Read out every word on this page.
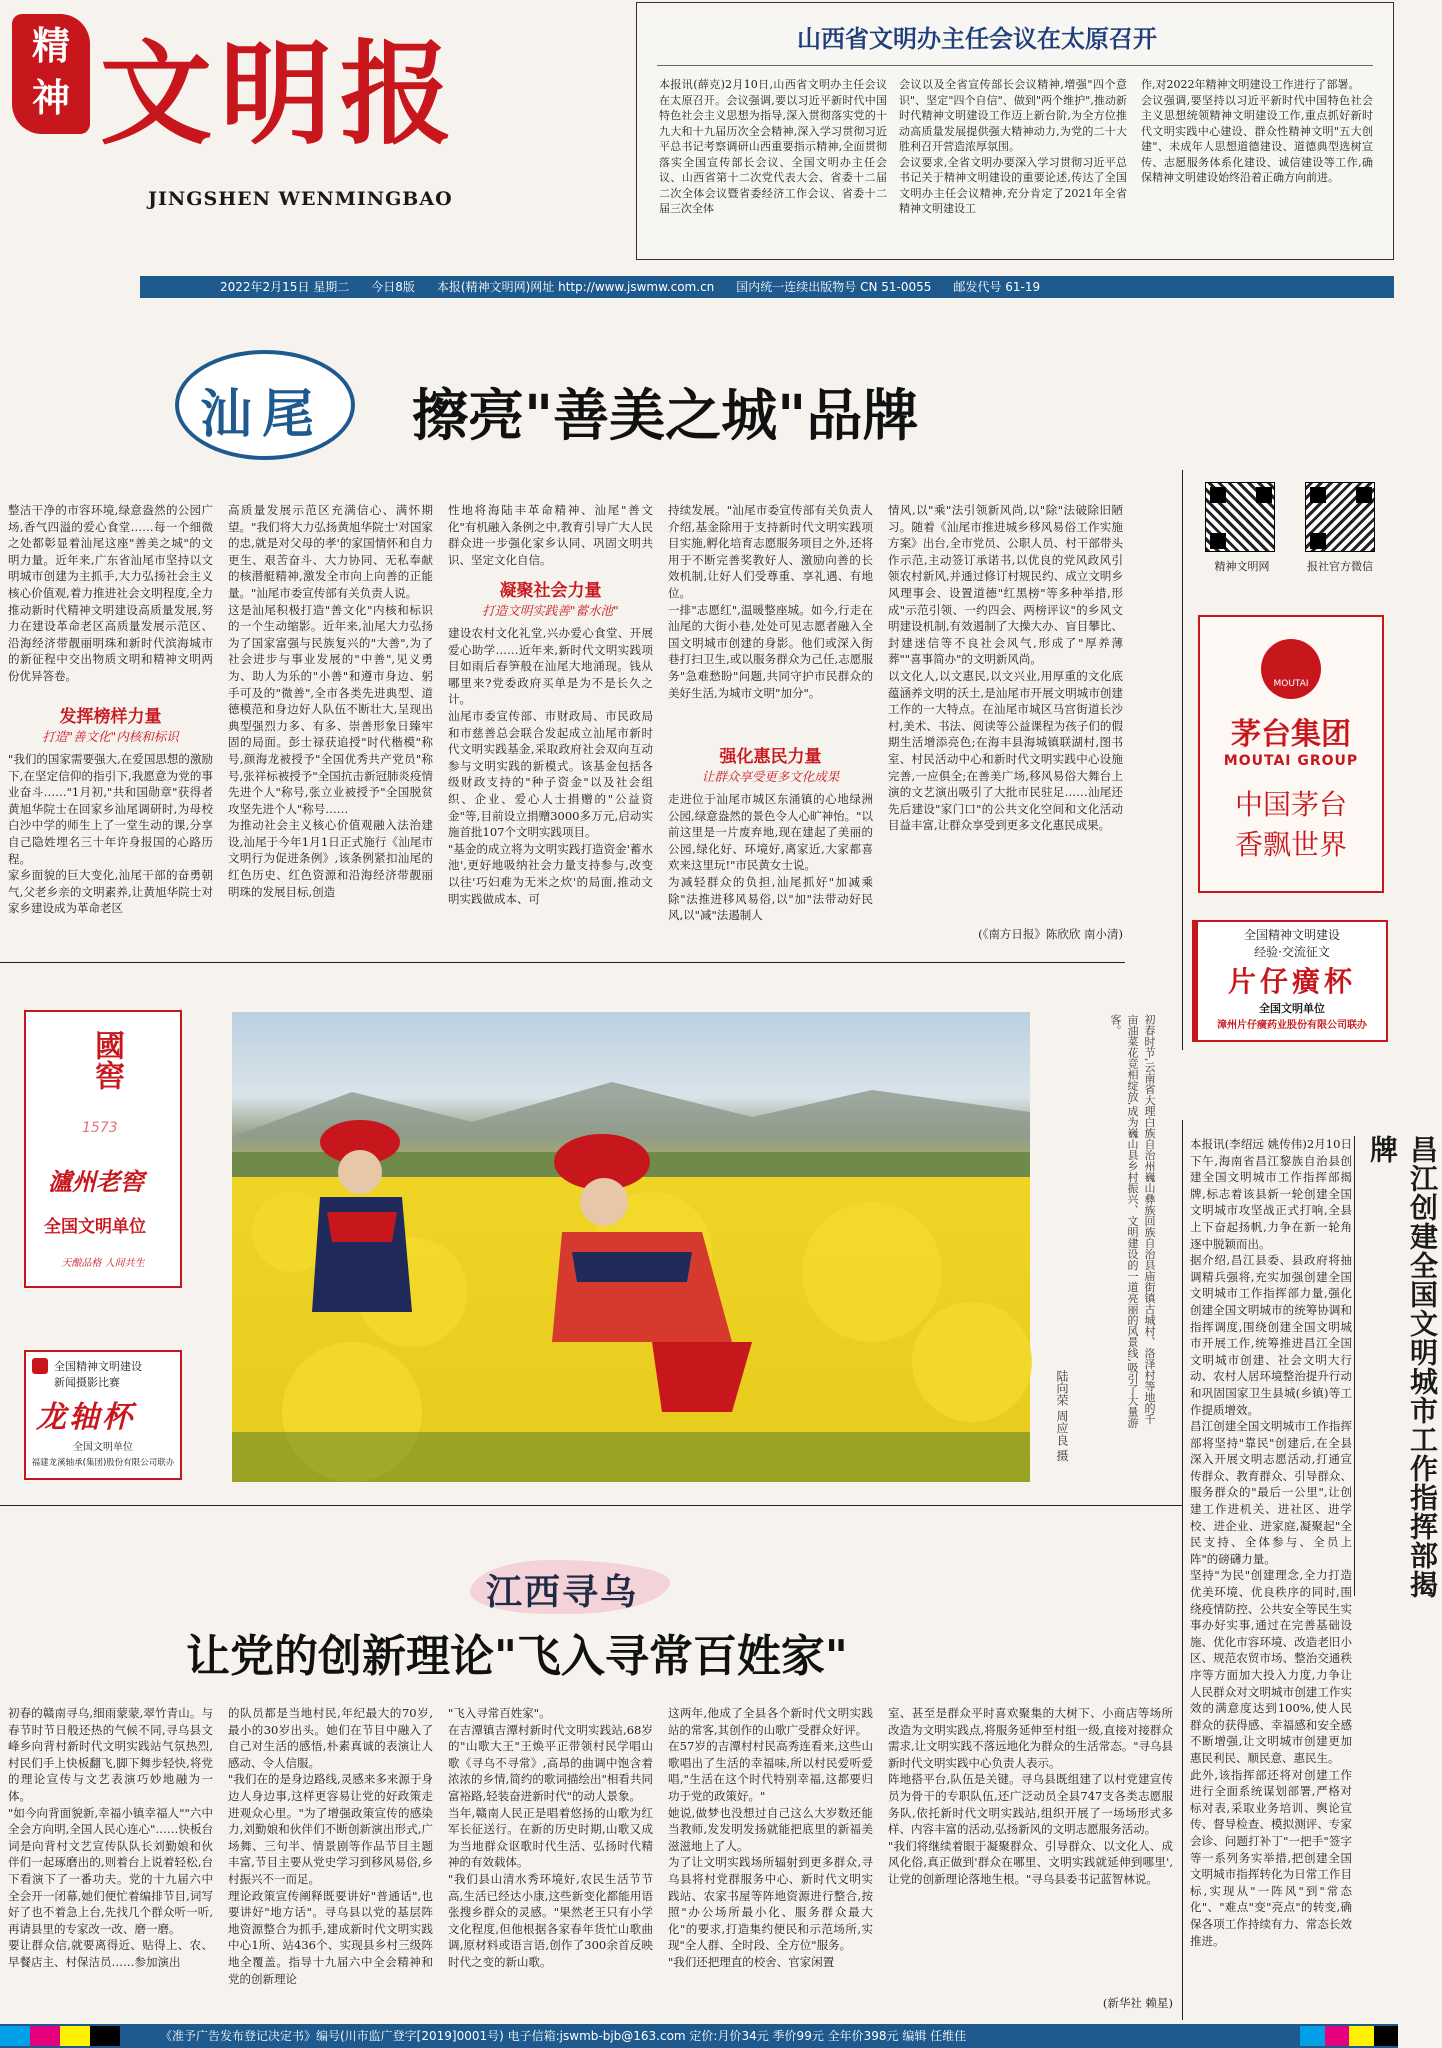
精
神 文明报
JINGSHEN WENMINGBAO
山西省文明办主任会议在太原召开
本报讯(薛克)2月10日,山西省文明办主任会议在太原召开。会议强调,要以习近平新时代中国特色社会主义思想为指导,深入贯彻落实党的十九大和十九届历次全会精神,深入学习贯彻习近平总书记考察调研山西重要指示精神,全面贯彻落实全国宣传部长会议、全国文明办主任会议、山西省第十二次党代表大会、省委十二届二次全体会议暨省委经济工作会议、省委十二届三次全体
会议以及全省宣传部长会议精神,增强"四个意识"、坚定"四个自信"、做到"两个维护",推动新时代精神文明建设工作迈上新台阶,为全方位推动高质量发展提供强大精神动力,为党的二十大胜利召开营造浓厚氛围。
会议要求,全省文明办要深入学习贯彻习近平总书记关于精神文明建设的重要论述,传达了全国文明办主任会议精神,充分肯定了2021年全省精神文明建设工
作,对2022年精神文明建设工作进行了部署。
会议强调,要坚持以习近平新时代中国特色社会主义思想统领精神文明建设工作,重点抓好新时代文明实践中心建设、群众性精神文明"五大创建"、未成年人思想道德建设、道德典型选树宣传、志愿服务体系化建设、诚信建设等工作,确保精神文明建设始终沿着正确方向前进。
2022年2月15日 星期二 今日8版 本报(精神文明网)网址 http://www.jswmw.com.cn 国内统一连续出版物号 CN 51-0055 邮发代号 61-19
汕尾 擦亮"善美之城"品牌
精神文明网	报社官方微信
MOUTAI
茅台集团
MOUTAI GROUP
中国茅台
香飘世界
全国精神文明建设
经验·交流征文
片仔癀杯
全国文明单位
漳州片仔癀药业股份有限公司联办
整洁干净的市容环境,绿意盎然的公园广场,香气四溢的爱心食堂……每一个细微之处都彰显着汕尾这座"善美之城"的文明力量。近年来,广东省汕尾市坚持以文明城市创建为主抓手,大力弘扬社会主义核心价值观,着力推进社会文明程度,全力推动新时代精神文明建设高质量发展,努力在建设革命老区高质量发展示范区、沿海经济带靓丽明珠和新时代滨海城市的新征程中交出物质文明和精神文明两份优异答卷。
发挥榜样力量
打造"善文化"内核和标识
"我们的国家需要强大,在爱国思想的激励下,在坚定信仰的指引下,我愿意为党的事业奋斗……"1月初,"共和国勋章"获得者黄旭华院士在回家乡汕尾调研时,为母校白沙中学的师生上了一堂生动的课,分享自己隐姓埋名三十年许身报国的心路历程。
家乡面貌的巨大变化,汕尾干部的奋勇朝气,父老乡亲的文明素养,让黄旭华院士对家乡建设成为革命老区
高质量发展示范区充满信心、满怀期望。"我们将大力弘扬黄旭华院士'对国家的忠,就是对父母的孝'的家国情怀和自力更生、艰苦奋斗、大力协同、无私奉献的核潜艇精神,激发全市向上向善的正能量。"汕尾市委宣传部有关负责人说。
这是汕尾积极打造"善文化"内核和标识的一个生动缩影。近年来,汕尾大力弘扬为了国家富强与民族复兴的"大善",为了社会进步与事业发展的"中善",见义勇为、助人为乐的"小善"和遵市身边、躬手可及的"微善",全市各类先进典型、道德模范和身边好人队伍不断壮大,呈现出典型强烈力多、有多、崇善形象日臻牢固的局面。彭士禄获追授"时代楷模"称号,颜海龙被授予"全国优秀共产党员"称号,张祥标被授予"全国抗击新冠肺炎疫情先进个人"称号,张立业被授予"全国脱贫攻坚先进个人"称号……
为推动社会主义核心价值观融入法治建设,汕尾于今年1月1日正式施行《汕尾市文明行为促进条例》,该条例紧扣汕尾的红色历史、红色资源和沿海经济带靓丽明珠的发展目标,创造
性地将海陆丰革命精神、汕尾"善文化"有机融入条例之中,教育引导广大人民群众进一步强化家乡认同、巩固文明共识、坚定文化自信。
凝聚社会力量
打造文明实践善"蓄水池"
建设农村文化礼堂,兴办爱心食堂、开展爱心助学……近年来,新时代文明实践项目如雨后春笋般在汕尾大地涌现。钱从哪里来?党委政府买单是为不是长久之计。
汕尾市委宣传部、市财政局、市民政局和市慈善总会联合发起成立汕尾市新时代文明实践基金,采取政府社会双向互动参与文明实践的新模式。该基金包括各级财政支持的"种子资金"以及社会组织、企业、爱心人士捐赠的"公益资金"等,目前设立捐赠3000多万元,启动实施首批107个文明实践项目。
"基金的成立将为文明实践打造资金'蓄水池',更好地吸纳社会力量支持参与,改变以往'巧妇难为无米之炊'的局面,推动文明实践做成本、可
持续发展。"汕尾市委宣传部有关负责人介绍,基金除用于支持新时代文明实践项目实施,孵化培育志愿服务项目之外,还将用于不断完善奖教好人、激励向善的长效机制,让好人们受尊重、享礼遇、有地位。
一排"志愿红",温暖整座城。如今,行走在汕尾的大街小巷,处处可见志愿者融入全国文明城市创建的身影。他们或深入街巷打扫卫生,或以服务群众为己任,志愿服务"急难愁盼"问题,共同守护市民群众的美好生活,为城市文明"加分"。
强化惠民力量
让群众享受更多文化成果
走进位于汕尾市城区东涌镇的心地绿洲公园,绿意盎然的景色令人心旷神怡。"以前这里是一片废弃地,现在建起了美丽的公园,绿化好、环境好,离家近,大家都喜欢来这里玩!"市民黄女士说。
为减轻群众的负担,汕尾抓好"加减乘除"法推进移风易俗,以"加"法带动好民风,以"减"法遏制人
情风,以"乘"法引领新风尚,以"除"法破除旧陋习。随着《汕尾市推进城乡移风易俗工作实施方案》出台,全市党员、公职人员、村干部带头作示范,主动签订承诺书,以优良的党风政风引领农村新风,并通过修订村规民约、成立文明乡风理事会、设置道德"红黑榜"等多种举措,形成"示范引领、一约四会、两榜评议"的乡风文明建设机制,有效遏制了大操大办、盲目攀比、封建迷信等不良社会风气,形成了"厚养薄葬""喜事简办"的文明新风尚。
以文化人,以文惠民,以文兴业,用厚重的文化底蕴涵养文明的沃土,是汕尾市开展文明城市创建工作的一大特点。在汕尾市城区马宫街道长沙村,美术、书法、阅读等公益课程为孩子们的假期生活增添亮色;在海丰县海城镇联湖村,图书室、村民活动中心和新时代文明实践中心设施完善,一应俱全;在善美广场,移风易俗大舞台上演的文艺演出吸引了大批市民驻足……汕尾还先后建设"家门口"的公共文化空间和文化活动目益丰富,让群众享受到更多文化惠民成果。
(《南方日报》陈欣欣 南小清)
國窖
1573
瀘州老窖
全国文明单位
天酿品格 人间共生
全国精神文明建设
新闻摄影比赛
龙轴杯
全国文明单位
福建龙溪轴承(集团)股份有限公司联办
初春时节,云南省大理白族自治州巍山彝族回族自治县庙街镇古城村、洛泽村等地的千亩油菜花竞相绽放,成为巍山县乡村振兴、文明建设的一道亮丽的风景线,吸引了大量游客。
陆向荣 周应良 摄	昌江创建全国文明城市工作指挥部揭牌
本报讯(李绍远 姚传伟)2月10日下午,海南省昌江黎族自治县创建全国文明城市工作指挥部揭牌,标志着该县新一轮创建全国文明城市攻坚战正式打响,全县上下奋起扬帆,力争在新一轮角逐中脱颖而出。
据介绍,昌江县委、县政府将抽调精兵强将,充实加强创建全国文明城市工作指挥部力量,强化创建全国文明城市的统筹协调和指挥调度,围绕创建全国文明城市开展工作,统筹推进昌江全国文明城市创建、社会文明大行动、农村人居环境整治提升行动和巩固国家卫生县城(乡镇)等工作提质增效。
昌江创建全国文明城市工作指挥部将坚持"靠民"创建后,在全县深入开展文明志愿活动,打通宣传群众、教育群众、引导群众、服务群众的"最后一公里",让创建工作进机关、进社区、进学校、进企业、进家庭,凝聚起"全民支持、全体参与、全员上阵"的磅礴力量。
坚持"为民"创建理念,全力打造优美环境、优良秩序的同时,围绕疫情防控、公共安全等民生实事办好实事,通过在完善基础设施、优化市容环境、改造老旧小区、规范农贸市场、整治交通秩序等方面加大投入力度,力争让人民群众对文明城市创建工作实效的满意度达到100%,使人民群众的获得感、幸福感和安全感不断增强,让文明城市创建更加惠民利民、顺民意、惠民生。
此外,该指挥部还将对创建工作进行全面系统谋划部署,严格对标对表,采取业务培训、舆论宣传、督导检查、模拟测评、专家会诊、问题打补丁"一把手"签字等一系列务实举措,把创建全国文明城市指挥转化为日常工作目标,实现从"一阵风"到"常态化"、"难点"变"亮点"的转变,确保各项工作持续有力、常态长效推进。
江西寻乌
让党的创新理论"飞入寻常百姓家"
初春的赣南寻乌,细雨蒙蒙,翠竹青山。与春节时节日般还热的气候不同,寻乌县文峰乡向背村新时代文明实践站气氛热烈,村民们手上快板翻飞,脚下舞步轻快,将党的理论宣传与文艺表演巧妙地融为一体。
"如今向背面貌新,幸福小镇幸福人""六中全会方向明,全国人民心连心"……快板台词是向背村文艺宣传队队长刘勤娘和伙伴们一起琢磨出的,则着台上说着轻松,台下看演下了一番功夫。党的十九届六中全会开一闭幕,她们便忙着编排节目,词写好了也不着急上台,先找几个群众听一听,再请县里的专家改一改、磨一磨。
要让群众信,就要离得近、贴得上、农、早餐店主、村保洁员……参加演出
的队员都是当地村民,年纪最大的70岁,最小的30岁出头。她们在节目中融入了自己对生活的感悟,朴素真诚的表演让人感动、令人信服。
"我们在的是身边路线,灵感来多来源于身边人身边事,这样更容易让党的好政策走进观众心里。"为了增强政策宣传的感染力,刘勤娘和伙伴们不断创新演出形式,广场舞、三句半、情景剧等作品节目主题丰富,节目主要从党史学习到移风易俗,乡村振兴不一而足。
理论政策宣传阐释既要讲好"普通话",也要讲好"地方话"。寻乌县以党的基层阵地资源整合为抓手,建成新时代文明实践中心1所、站436个、实现县乡村三级阵地全覆盖。指导十九届六中全会精神和党的创新理论
"飞入寻常百姓家"。
在吉潭镇吉潭村新时代文明实践站,68岁的"山歌大王"王焕平正带领村民学唱山歌《寻乌不寻常》,高昂的曲调中饱含着浓浓的乡情,简约的歌词描绘出"相看共同富裕路,轻装奋进新时代"的动人景象。
当年,赣南人民正是唱着悠扬的山歌为红军长征送行。在新的历史时期,山歌又成为当地群众讴歌时代生活、弘扬时代精神的有效载体。
"我们县山清水秀环境好,农民生活节节高,生活已经达小康,这些新变化都能用语张搜乡群众的灵感。"果然老王只有小学文化程度,但他根据各家春年货忙山歌曲调,原材料或语言语,创作了300余首反映时代之变的新山歌。
这两年,他成了全县各个新时代文明实践站的常客,其创作的山歌广受群众好评。
在57岁的吉潭村村民高秀连看来,这些山歌唱出了生活的幸福味,所以村民爱听爱唱,"生活在这个时代特别幸福,这都要归功于党的政策好。"
她说,做梦也没想过自己这么大岁数还能当教师,发发明发扬就能把底里的新福美滋滋地上了人。
为了让文明实践场所辐射到更多群众,寻乌县将村党群服务中心、新时代文明实践站、农家书屋等阵地资源进行整合,按照"办公场所最小化、服务群众最大化"的要求,打造集约便民和示范场所,实现"全人群、全时段、全方位"服务。
"我们还把理直的校舍、官家闲置
室、甚至是群众平时喜欢聚集的大树下、小商店等场所改造为文明实践点,将服务延伸至村组一级,直接对接群众需求,让文明实践不落远地化为群众的生活常态。"寻乌县新时代文明实践中心负责人表示。
阵地搭平台,队伍是关键。寻乌县既组建了以村党建宣传员为骨干的专职队伍,还广泛动员全县747支各类志愿服务队,依托新时代文明实践站,组织开展了一场场形式多样、内容丰富的活动,弘扬新风的文明志愿服务活动。
"我们将继续着眼于凝聚群众、引导群众、以文化人、成风化俗,真正做到'群众在哪里、文明实践就延伸到哪里',让党的创新理论落地生根。"寻乌县委书记蓝智林说。
(新华社 赖星)
《准予广告发布登记决定书》编号(川市监广登字[2019]0001号) 电子信箱:jswmb-bjb@163.com 定价:月价34元 季价99元 全年价398元 编辑 任维佳
